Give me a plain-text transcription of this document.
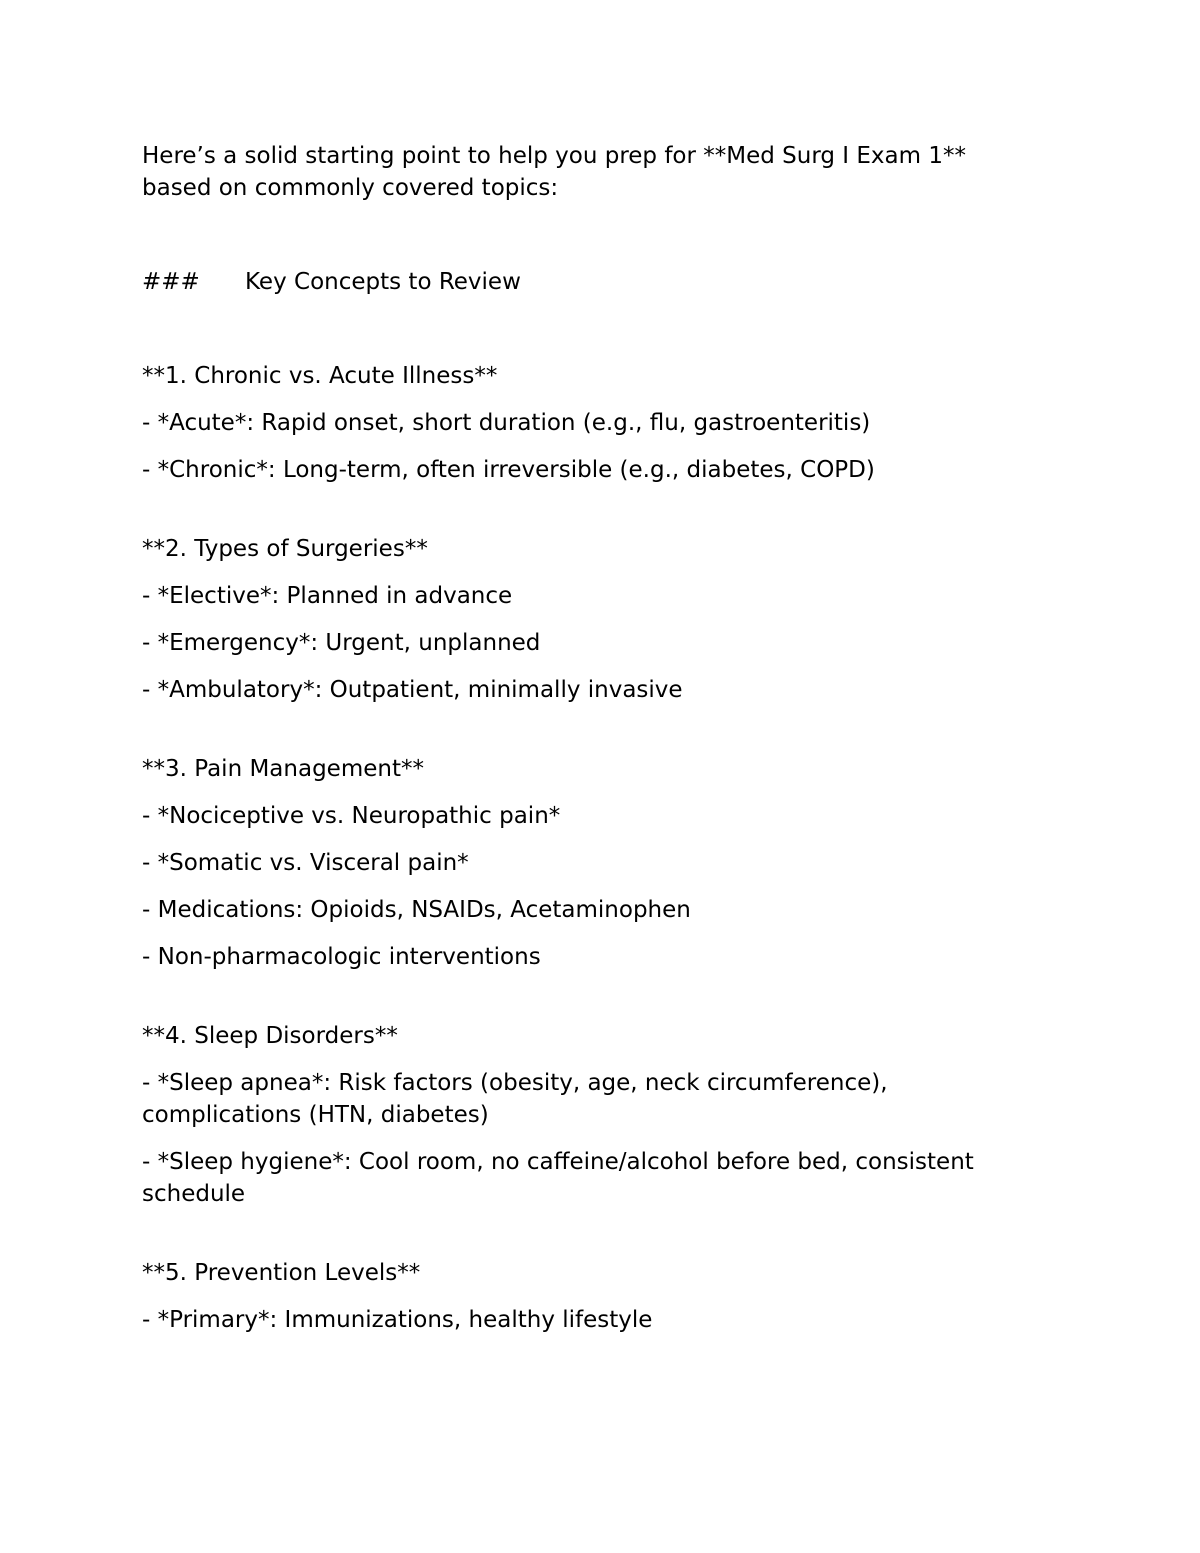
Here’s a solid starting point to help you prep for **Med Surg I Exam 1**

based on commonly covered topics:

###	Key Concepts to Review

**1. Chronic vs. Acute Illness**

- *Acute*: Rapid onset, short duration (e.g., flu, gastroenteritis)

- *Chronic*: Long-term, often irreversible (e.g., diabetes, COPD)

**2. Types of Surgeries**

- *Elective*: Planned in advance

- *Emergency*: Urgent, unplanned

- *Ambulatory*: Outpatient, minimally invasive

**3. Pain Management**

- *Nociceptive vs. Neuropathic pain*

- *Somatic vs. Visceral pain*

- Medications: Opioids, NSAIDs, Acetaminophen

- Non-pharmacologic interventions

**4. Sleep Disorders**

- *Sleep apnea*: Risk factors (obesity, age, neck circumference), complications (HTN, diabetes)

- *Sleep hygiene*: Cool room, no caffeine/alcohol before bed, consistent schedule

**5. Prevention Levels**

- *Primary*: Immunizations, healthy lifestyle
